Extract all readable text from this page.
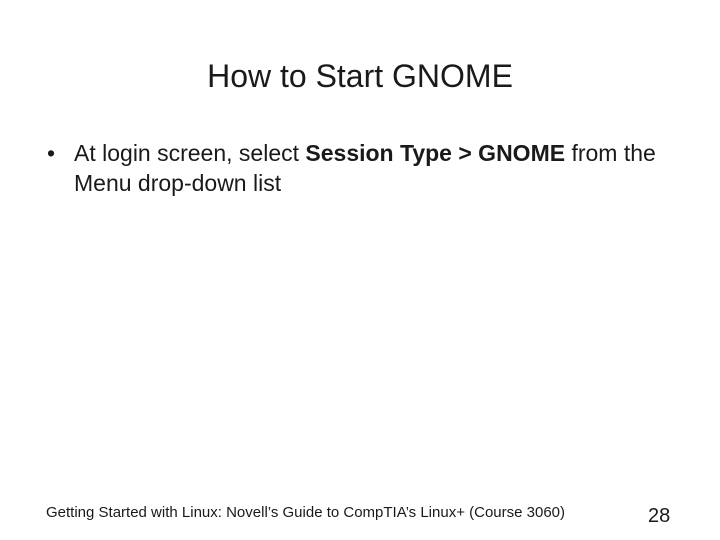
How to Start GNOME
• At login screen, select Session Type > GNOME from the Menu drop-down list
Getting Started with Linux: Novell’s Guide to CompTIA’s Linux+ (Course 3060)	28
